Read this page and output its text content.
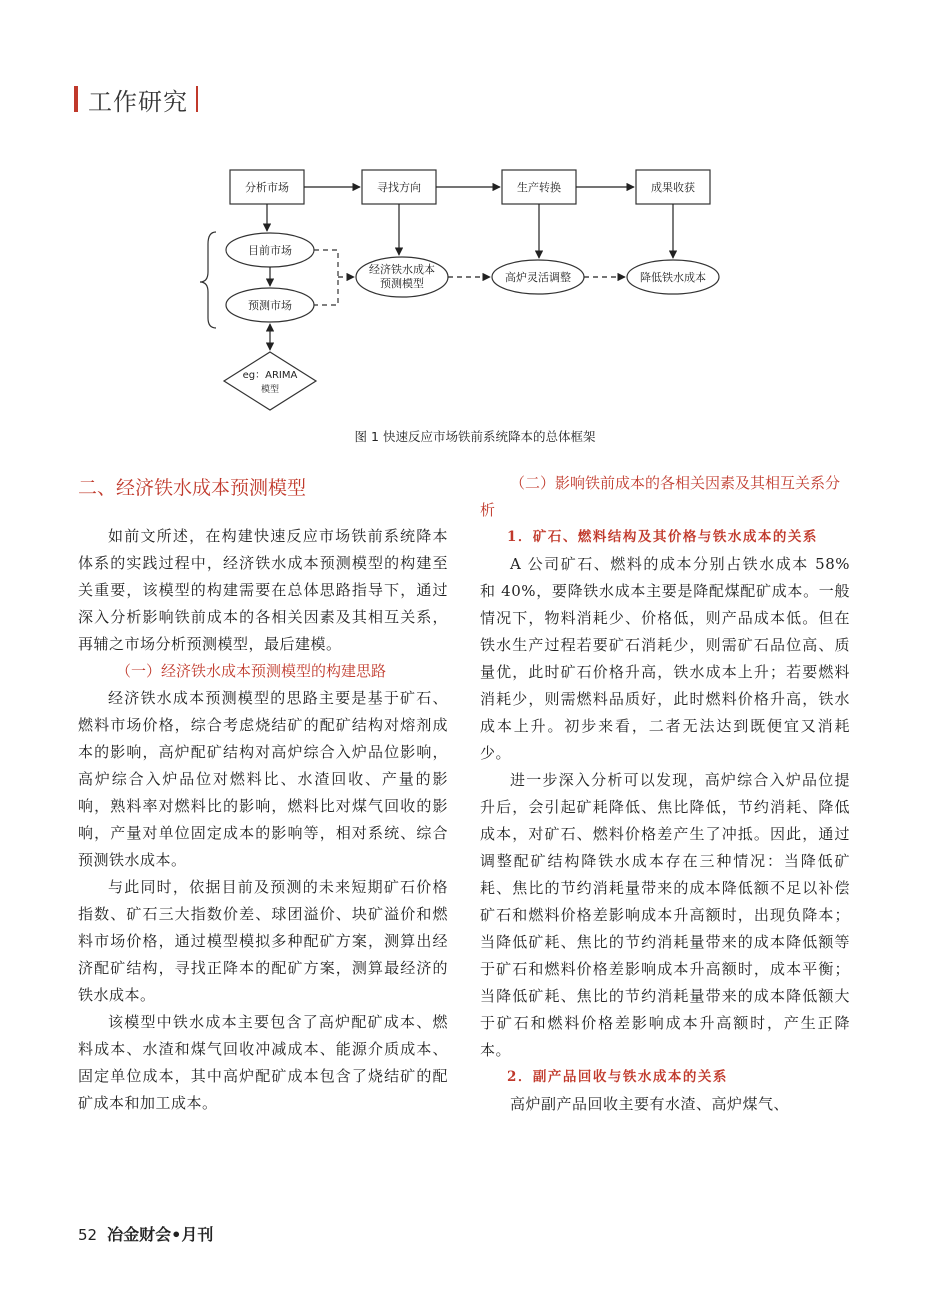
工作研究
分析市场	寻找方向	生产转换	成果收获
目前市场
预测市场
经济铁水成本
预测模型	高炉灵活调整	降低铁水成本
eg：ARIMA
模型
图 1 快速反应市场铁前系统降本的总体框架
二、经济铁水成本预测模型

如前文所述，在构建快速反应市场铁前系统降本体系的实践过程中，经济铁水成本预测模型的构建至关重要，该模型的构建需要在总体思路指导下，通过深入分析影响铁前成本的各相关因素及其相互关系，再辅之市场分析预测模型，最后建模。

（一）经济铁水成本预测模型的构建思路

经济铁水成本预测模型的思路主要是基于矿石、燃料市场价格，综合考虑烧结矿的配矿结构对熔剂成本的影响，高炉配矿结构对高炉综合入炉品位影响，高炉综合入炉品位对燃料比、水渣回收、产量的影响，熟料率对燃料比的影响，燃料比对煤气回收的影响，产量对单位固定成本的影响等，相对系统、综合预测铁水成本。

与此同时，依据目前及预测的未来短期矿石价格指数、矿石三大指数价差、球团溢价、块矿溢价和燃料市场价格，通过模型模拟多种配矿方案，测算出经济配矿结构，寻找正降本的配矿方案，测算最经济的铁水成本。

该模型中铁水成本主要包含了高炉配矿成本、燃料成本、水渣和煤气回收冲减成本、能源介质成本、固定单位成本，其中高炉配矿成本包含了烧结矿的配矿成本和加工成本。

（二）影响铁前成本的各相关因素及其相互关系分析
1．矿石、燃料结构及其价格与铁水成本的关系

A 公司矿石、燃料的成本分别占铁水成本 58% 和 40%，要降铁水成本主要是降配煤配矿成本。一般情况下，物料消耗少、价格低，则产品成本低。但在铁水生产过程若要矿石消耗少，则需矿石品位高、质量优，此时矿石价格升高，铁水成本上升；若要燃料消耗少，则需燃料品质好，此时燃料价格升高，铁水成本上升。初步来看，二者无法达到既便宜又消耗少。

进一步深入分析可以发现，高炉综合入炉品位提升后，会引起矿耗降低、焦比降低，节约消耗、降低成本，对矿石、燃料价格差产生了冲抵。因此，通过调整配矿结构降铁水成本存在三种情况：当降低矿耗、焦比的节约消耗量带来的成本降低额不足以补偿矿石和燃料价格差影响成本升高额时，出现负降本；当降低矿耗、焦比的节约消耗量带来的成本降低额等于矿石和燃料价格差影响成本升高额时，成本平衡；当降低矿耗、焦比的节约消耗量带来的成本降低额大于矿石和燃料价格差影响成本升高额时，产生正降本。

2．副产品回收与铁水成本的关系

高炉副产品回收主要有水渣、高炉煤气、

52 冶金财会•月刊
